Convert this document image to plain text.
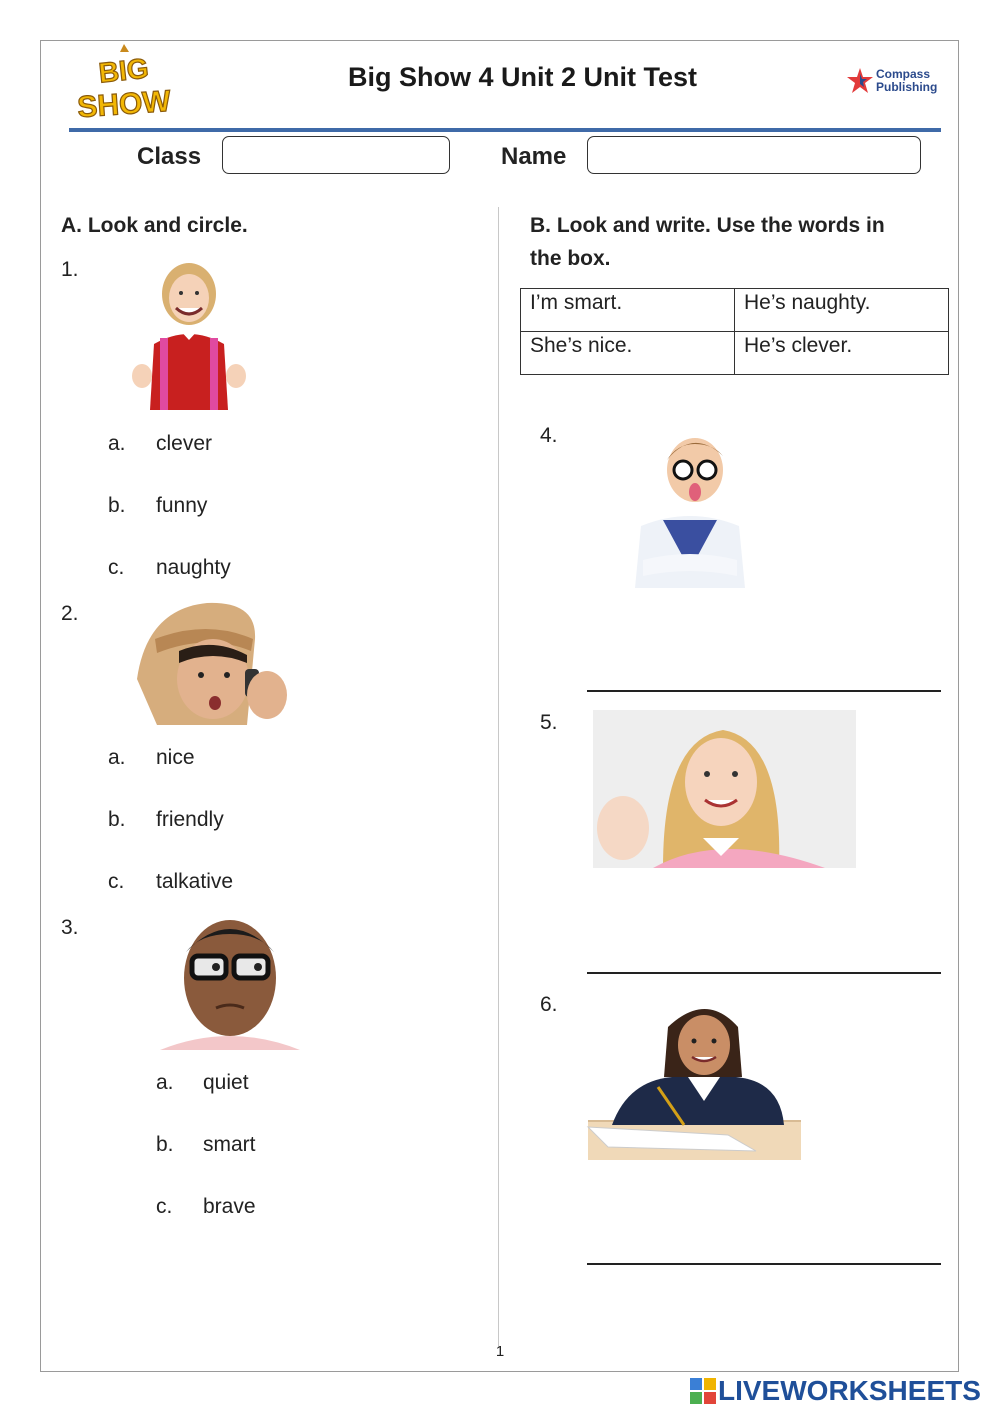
BIG
SHOW
Big Show 4 Unit 2 Unit Test	Compass
Publishing
Class	Name
A. Look and circle.
1.
a. clever
b. funny
c. naughty
2.
a. nice
b. friendly
c. talkative
3.
a. quiet
b. smart
c. brave
B. Look and write. Use the words in
the box.
I’m smart.	He’s naughty.
She’s nice.	He’s clever.
4.
5.
6.
1
LIVEWORKSHEETS
